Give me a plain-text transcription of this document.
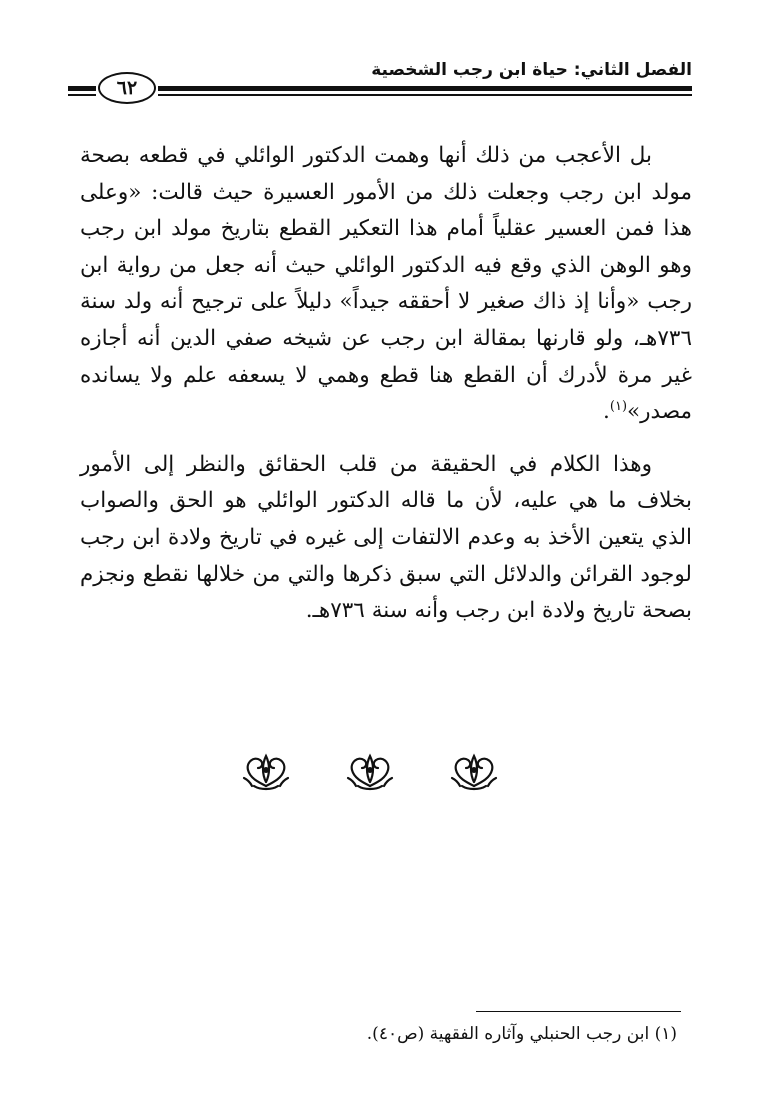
٦٢
الفصل الثاني: حياة ابن رجب الشخصية

بل الأعجب من ذلك أنها وهمت الدكتور الوائلي في قطعه بصحة مولد ابن رجب وجعلت ذلك من الأمور العسيرة حيث قالت: «وعلى هذا فمن العسير عقلياً أمام هذا التعكير القطع بتاريخ مولد ابن رجب وهو الوهن الذي وقع فيه الدكتور الوائلي حيث أنه جعل من رواية ابن رجب «وأنا إذ ذاك صغير لا أحققه جيداً» دليلاً على ترجيح أنه ولد سنة ٧٣٦هـ، ولو قارنها بمقالة ابن رجب عن شيخه صفي الدين أنه أجازه غير مرة لأدرك أن القطع هنا قطع وهمي لا يسعفه علم ولا يسانده مصدر»$^{(١)}$.

وهذا الكلام في الحقيقة من قلب الحقائق والنظر إلى الأمور بخلاف ما هي عليه، لأن ما قاله الدكتور الوائلي هو الحق والصواب الذي يتعين الأخذ به وعدم الالتفات إلى غيره في تاريخ ولادة ابن رجب لوجود القرائن والدلائل التي سبق ذكرها والتي من خلالها نقطع ونجزم بصحة تاريخ ولادة ابن رجب وأنه سنة ٧٣٦هـ.

(١) ابن رجب الحنبلي وآثاره الفقهية (ص٤٠).
